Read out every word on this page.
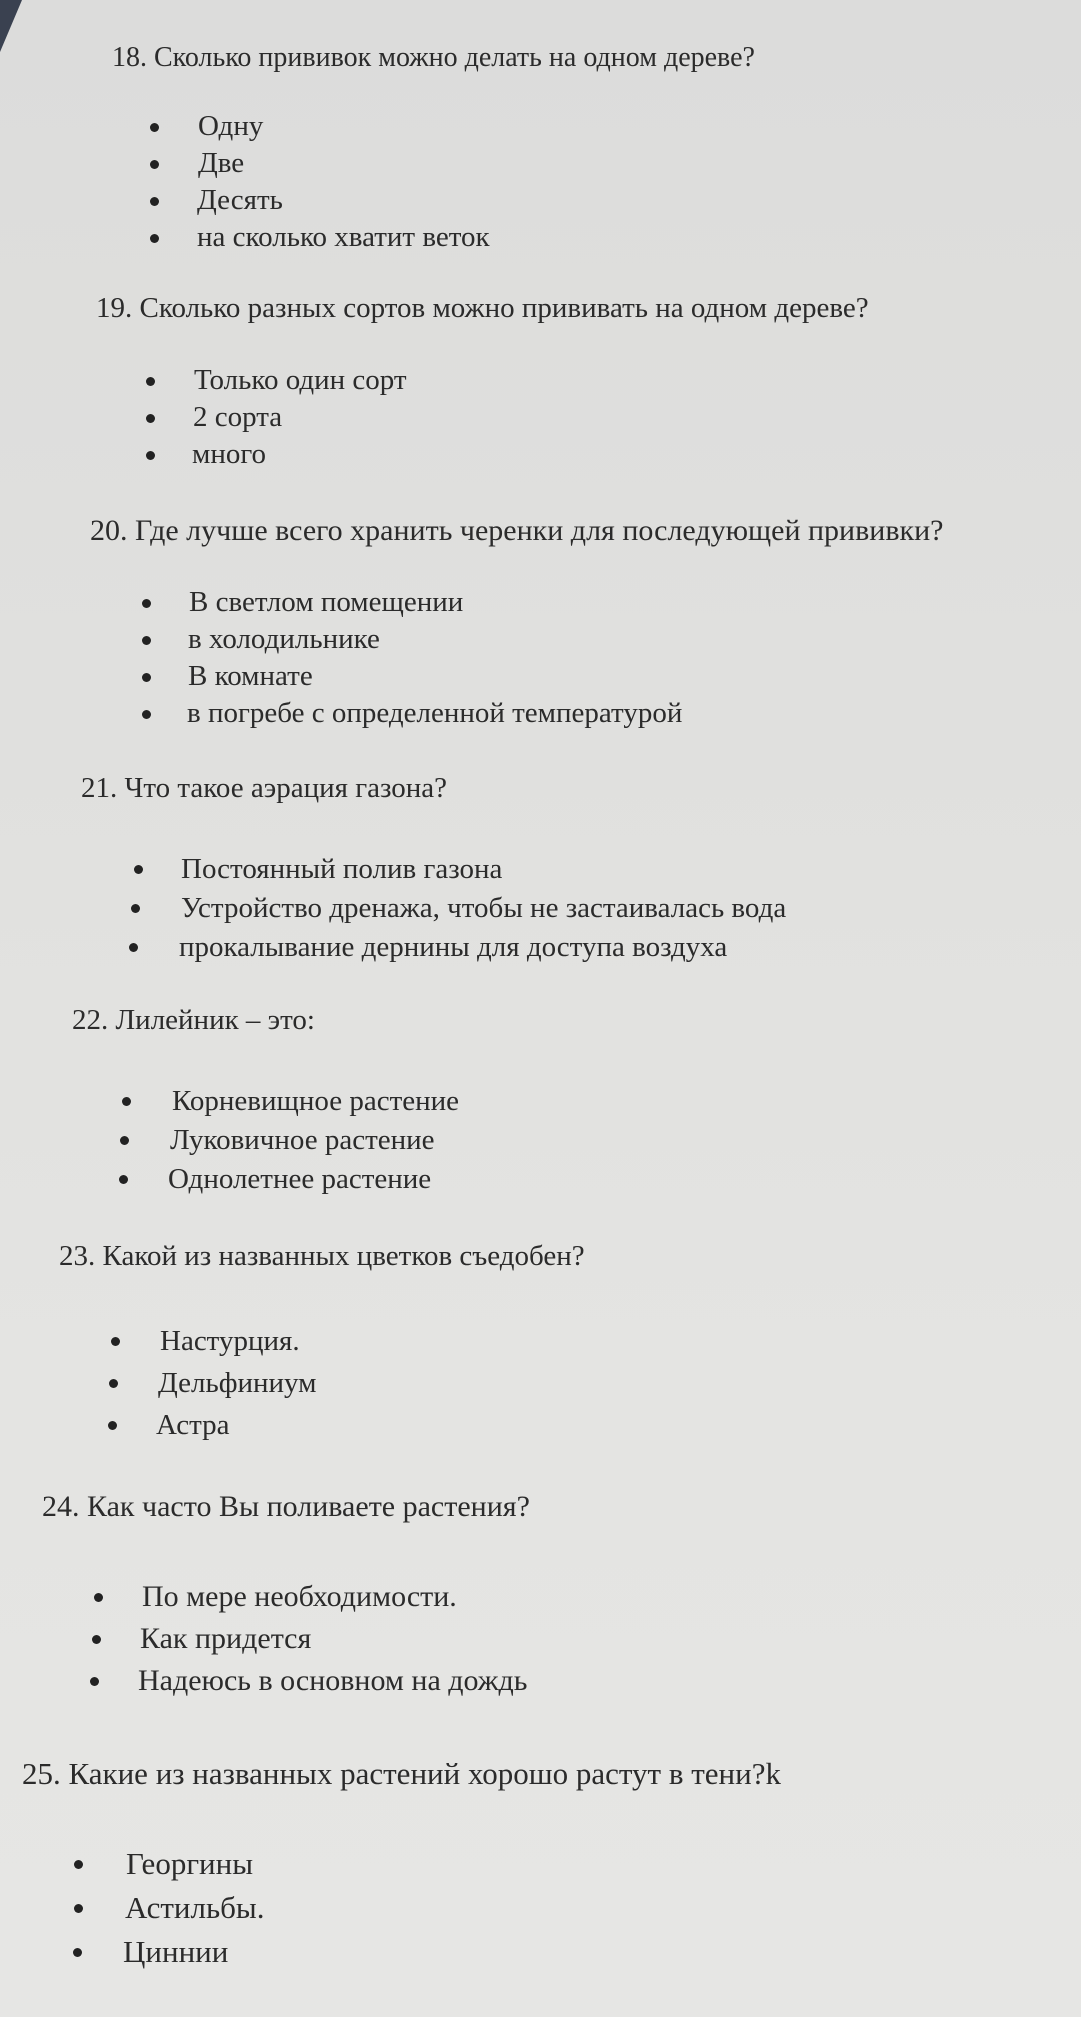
18. Сколько прививок можно делать на одном дереве?
Одну
Две
Десять
на сколько хватит веток
19. Сколько разных сортов можно прививать на одном дереве?
Только один сорт
2 сорта
много
20. Где лучше всего хранить черенки для последующей прививки?
В светлом помещении
в холодильнике
В комнате
в погребе с определенной температурой
21. Что такое аэрация газона?
Постоянный полив газона
Устройство дренажа, чтобы не застаивалась вода
прокалывание дернины для доступа воздуха
22. Лилейник – это:
Корневищное растение
Луковичное растение
Однолетнее растение
23. Какой из названных цветков съедобен?
Настурция.
Дельфиниум
Астра
24. Как часто Вы поливаете растения?
По мере необходимости.
Как придется
Надеюсь в основном на дождь
25. Какие из названных растений хорошо растут в тени?k
Георгины
Астильбы.
Циннии
